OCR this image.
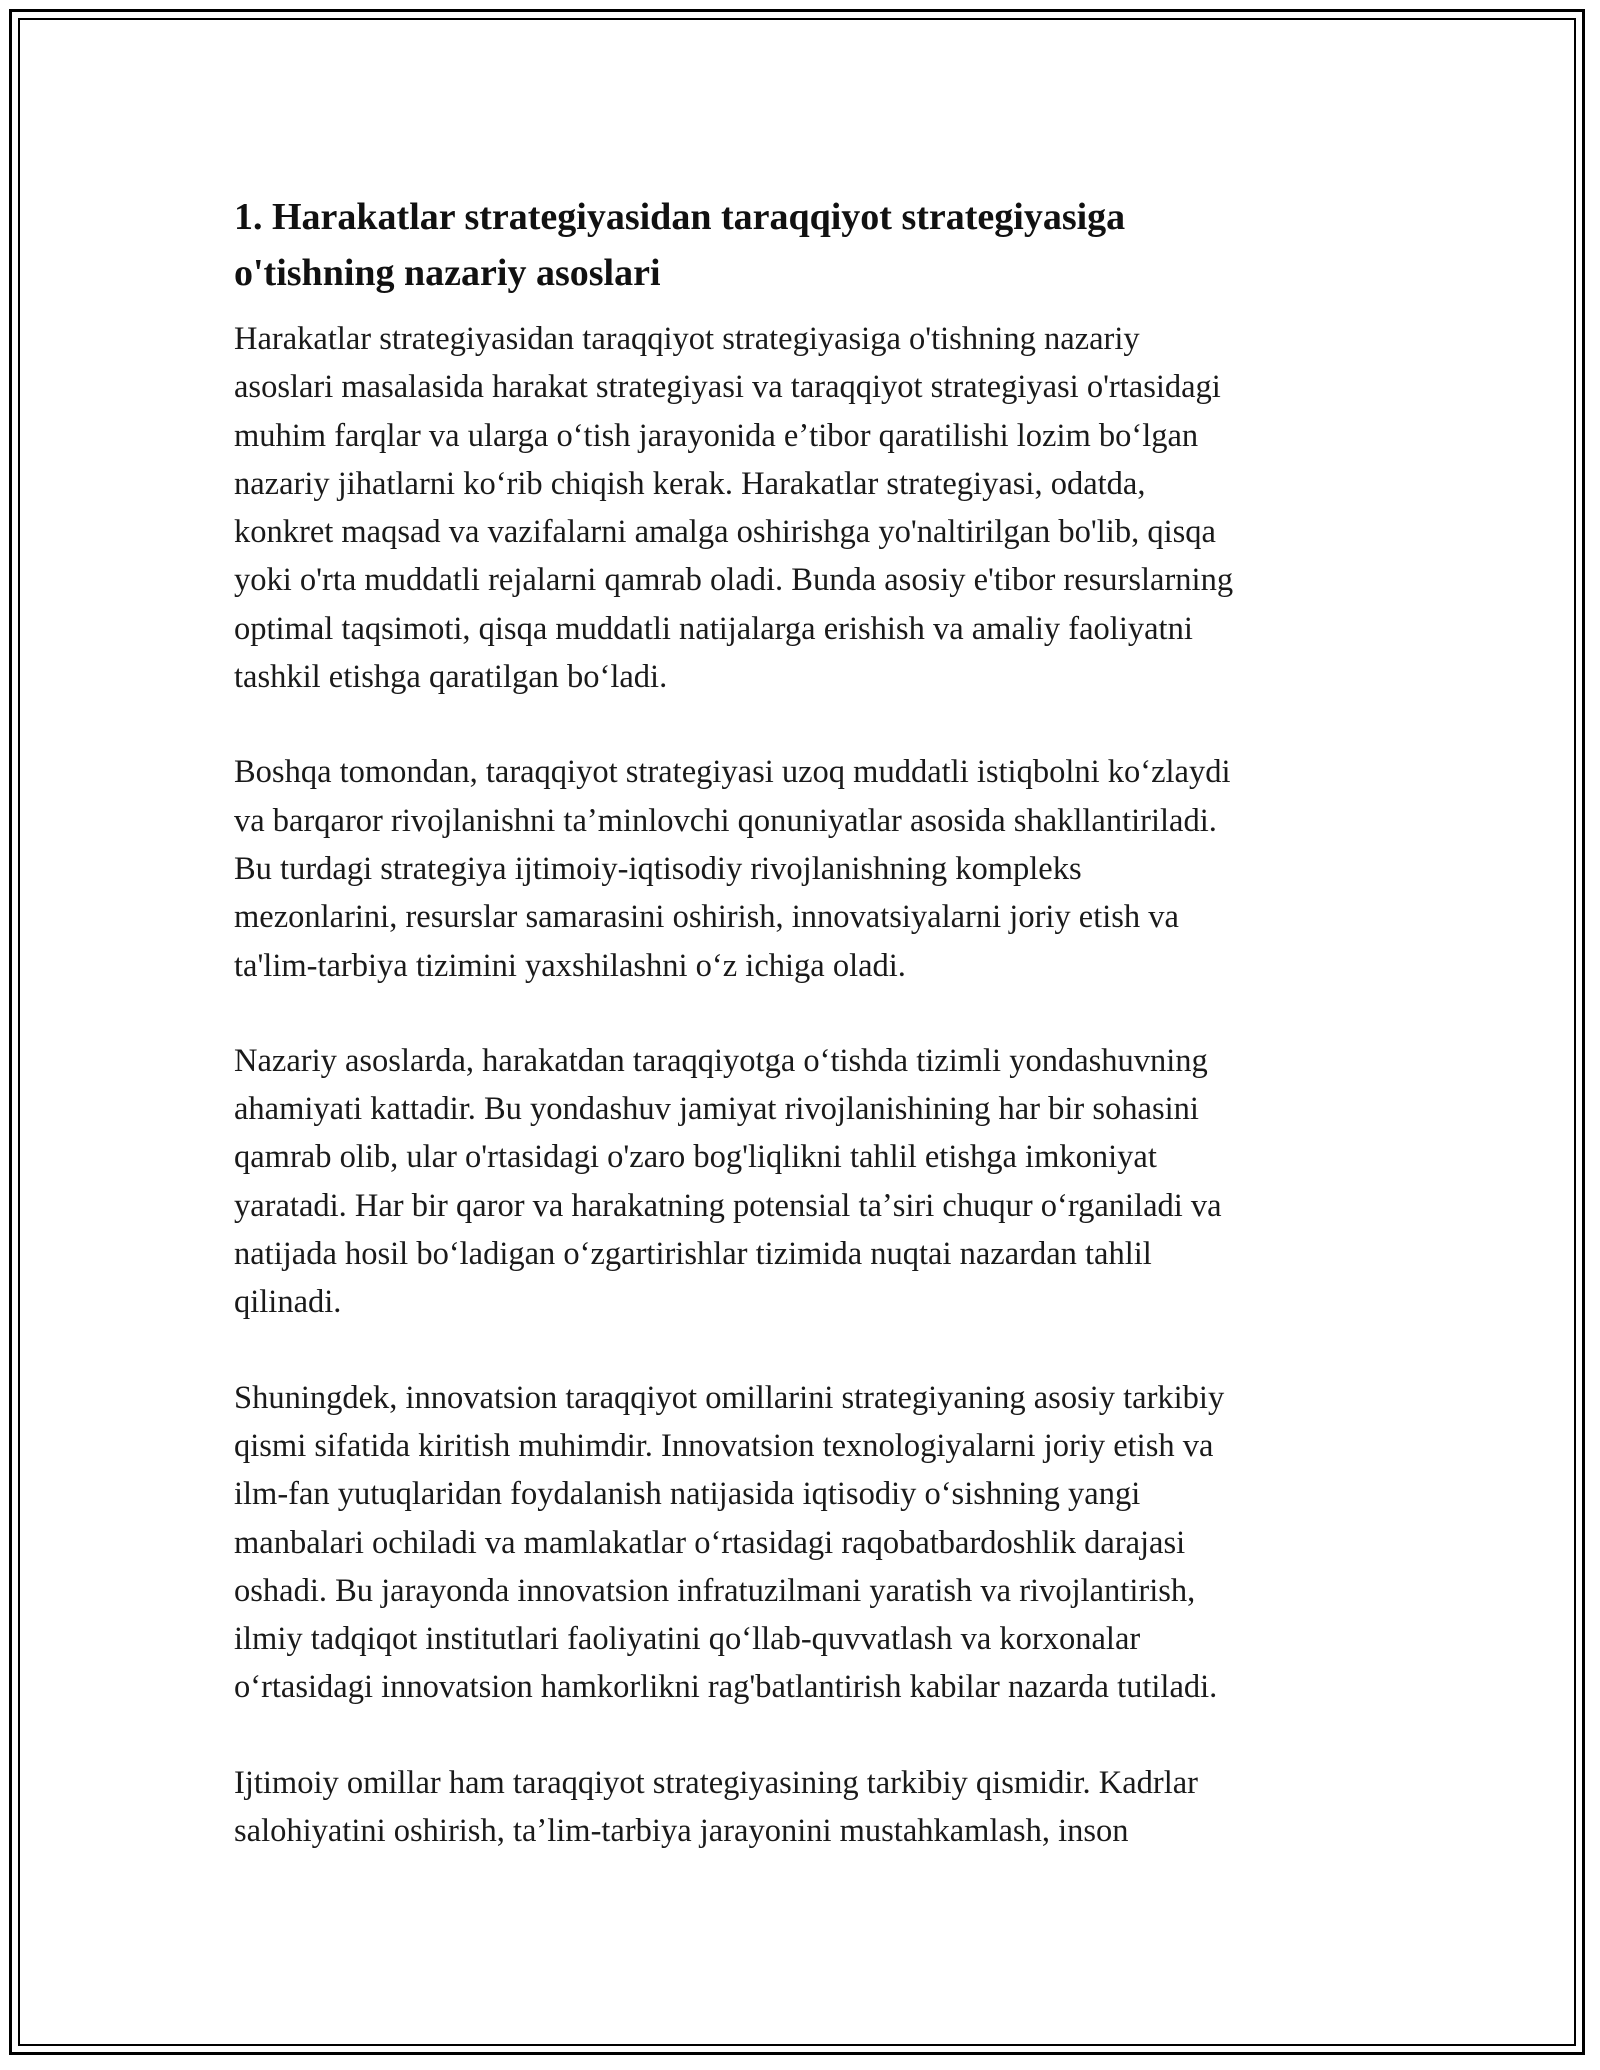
1. Harakatlar strategiyasidan taraqqiyot strategiyasiga
o'tishning nazariy asoslari
Harakatlar strategiyasidan taraqqiyot strategiyasiga o'tishning nazariy
asoslari masalasida harakat strategiyasi va taraqqiyot strategiyasi o'rtasidagi
muhim farqlar va ularga oʻtish jarayonida eʼtibor qaratilishi lozim boʻlgan
nazariy jihatlarni koʻrib chiqish kerak. Harakatlar strategiyasi, odatda,
konkret maqsad va vazifalarni amalga oshirishga yo'naltirilgan bo'lib, qisqa
yoki o'rta muddatli rejalarni qamrab oladi. Bunda asosiy e'tibor resurslarning
optimal taqsimoti, qisqa muddatli natijalarga erishish va amaliy faoliyatni
tashkil etishga qaratilgan boʻladi.
Boshqa tomondan, taraqqiyot strategiyasi uzoq muddatli istiqbolni koʻzlaydi
va barqaror rivojlanishni taʼminlovchi qonuniyatlar asosida shakllantiriladi.
Bu turdagi strategiya ijtimoiy-iqtisodiy rivojlanishning kompleks
mezonlarini, resurslar samarasini oshirish, innovatsiyalarni joriy etish va
ta'lim-tarbiya tizimini yaxshilashni oʻz ichiga oladi.
Nazariy asoslarda, harakatdan taraqqiyotga oʻtishda tizimli yondashuvning
ahamiyati kattadir. Bu yondashuv jamiyat rivojlanishining har bir sohasini
qamrab olib, ular o'rtasidagi o'zaro bog'liqlikni tahlil etishga imkoniyat
yaratadi. Har bir qaror va harakatning potensial taʼsiri chuqur oʻrganiladi va
natijada hosil boʻladigan oʻzgartirishlar tizimida nuqtai nazardan tahlil
qilinadi.
Shuningdek, innovatsion taraqqiyot omillarini strategiyaning asosiy tarkibiy
qismi sifatida kiritish muhimdir. Innovatsion texnologiyalarni joriy etish va
ilm-fan yutuqlaridan foydalanish natijasida iqtisodiy oʻsishning yangi
manbalari ochiladi va mamlakatlar oʻrtasidagi raqobatbardoshlik darajasi
oshadi. Bu jarayonda innovatsion infratuzilmani yaratish va rivojlantirish,
ilmiy tadqiqot institutlari faoliyatini qoʻllab-quvvatlash va korxonalar
oʻrtasidagi innovatsion hamkorlikni rag'batlantirish kabilar nazarda tutiladi.
Ijtimoiy omillar ham taraqqiyot strategiyasining tarkibiy qismidir. Kadrlar
salohiyatini oshirish, taʼlim-tarbiya jarayonini mustahkamlash, inson
